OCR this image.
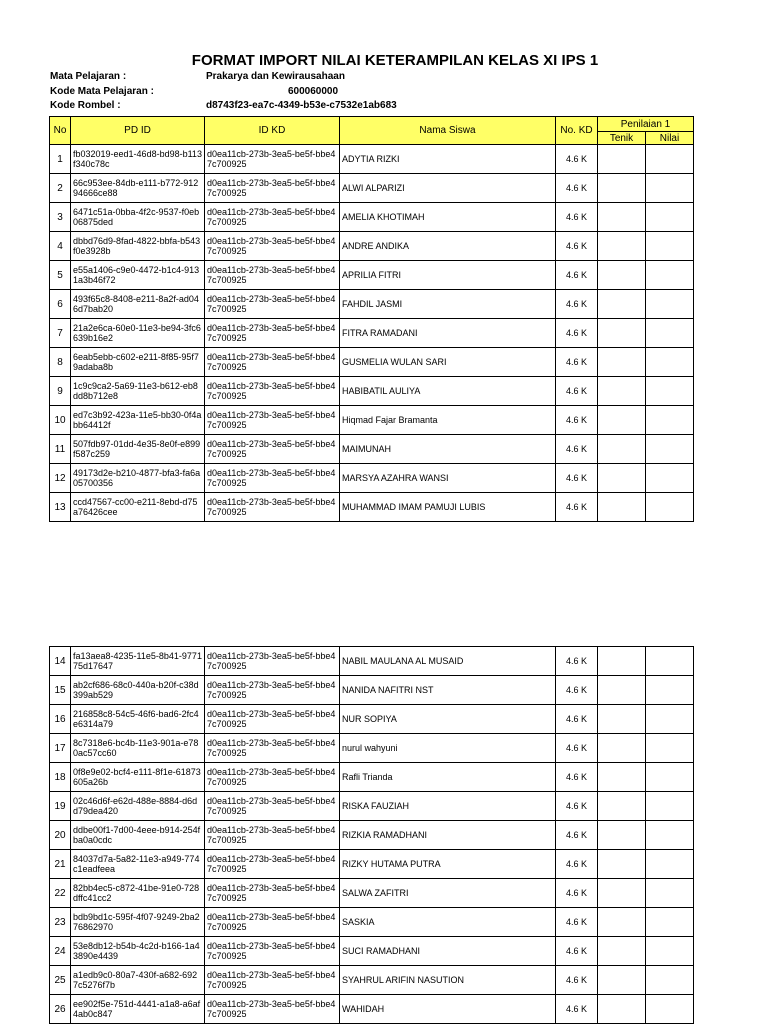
FORMAT IMPORT NILAI KETERAMPILAN KELAS XI IPS 1
Mata Pelajaran :	Prakarya dan Kewirausahaan
Kode Mata Pelajaran :	600060000
Kode Rombel :	d8743f23-ea7c-4349-b53e-c7532e1ab683
No	PD ID	ID KD	Nama Siswa	No. KD	Penilaian 1	
					Tenik	Nilai
1	fb032019-eed1-46d8-bd98-b113f340c78c	d0ea11cb-273b-3ea5-be5f-bbe47c700925	ADYTIA RIZKI	4.6 K		
2	66c953ee-84db-e111-b772-91294666ce88	d0ea11cb-273b-3ea5-be5f-bbe47c700925	ALWI ALPARIZI	4.6 K		
3	6471c51a-0bba-4f2c-9537-f0eb06875ded	d0ea11cb-273b-3ea5-be5f-bbe47c700925	AMELIA KHOTIMAH	4.6 K		
4	dbbd76d9-8fad-4822-bbfa-b543f0e3928b	d0ea11cb-273b-3ea5-be5f-bbe47c700925	ANDRE ANDIKA	4.6 K		
5	e55a1406-c9e0-4472-b1c4-9131a3b46f72	d0ea11cb-273b-3ea5-be5f-bbe47c700925	APRILIA FITRI	4.6 K		
6	493f65c8-8408-e211-8a2f-ad046d7bab20	d0ea11cb-273b-3ea5-be5f-bbe47c700925	FAHDIL JASMI	4.6 K		
7	21a2e6ca-60e0-11e3-be94-3fc6639b16e2	d0ea11cb-273b-3ea5-be5f-bbe47c700925	FITRA RAMADANI	4.6 K		
8	6eab5ebb-c602-e211-8f85-95f79adaba8b	d0ea11cb-273b-3ea5-be5f-bbe47c700925	GUSMELIA WULAN SARI	4.6 K		
9	1c9c9ca2-5a69-11e3-b612-eb8dd8b712e8	d0ea11cb-273b-3ea5-be5f-bbe47c700925	HABIBATIL AULIYA	4.6 K		
10	ed7c3b92-423a-11e5-bb30-0f4abb64412f	d0ea11cb-273b-3ea5-be5f-bbe47c700925	Hiqmad Fajar Bramanta	4.6 K		
11	507fdb97-01dd-4e35-8e0f-e899f587c259	d0ea11cb-273b-3ea5-be5f-bbe47c700925	MAIMUNAH	4.6 K		
12	49173d2e-b210-4877-bfa3-fa6a05700356	d0ea11cb-273b-3ea5-be5f-bbe47c700925	MARSYA AZAHRA WANSI	4.6 K		
13	ccd47567-cc00-e211-8ebd-d75a76426cee	d0ea11cb-273b-3ea5-be5f-bbe47c700925	MUHAMMAD IMAM PAMUJI LUBIS	4.6 K		
14	fa13aea8-4235-11e5-8b41-977175d17647	d0ea11cb-273b-3ea5-be5f-bbe47c700925	NABIL MAULANA AL MUSAID	4.6 K		
15	ab2cf686-68c0-440a-b20f-c38d399ab529	d0ea11cb-273b-3ea5-be5f-bbe47c700925	NANIDA NAFITRI NST	4.6 K		
16	216858c8-54c5-46f6-bad6-2fc4e6314a79	d0ea11cb-273b-3ea5-be5f-bbe47c700925	NUR SOPIYA	4.6 K		
17	8c7318e6-bc4b-11e3-901a-e780ac57cc60	d0ea11cb-273b-3ea5-be5f-bbe47c700925	nurul wahyuni	4.6 K		
18	0f8e9e02-bcf4-e111-8f1e-61873605a26b	d0ea11cb-273b-3ea5-be5f-bbe47c700925	Rafli Trianda	4.6 K		
19	02c46d6f-e62d-488e-8884-d6dd79dea420	d0ea11cb-273b-3ea5-be5f-bbe47c700925	RISKA FAUZIAH	4.6 K		
20	ddbe00f1-7d00-4eee-b914-254fba0a0cdc	d0ea11cb-273b-3ea5-be5f-bbe47c700925	RIZKIA RAMADHANI	4.6 K		
21	84037d7a-5a82-11e3-a949-774c1eadfeea	d0ea11cb-273b-3ea5-be5f-bbe47c700925	RIZKY HUTAMA PUTRA	4.6 K		
22	82bb4ec5-c872-41be-91e0-728dffc41cc2	d0ea11cb-273b-3ea5-be5f-bbe47c700925	SALWA ZAFITRI	4.6 K		
23	bdb9bd1c-595f-4f07-9249-2ba276862970	d0ea11cb-273b-3ea5-be5f-bbe47c700925	SASKIA	4.6 K		
24	53e8db12-b54b-4c2d-b166-1a43890e4439	d0ea11cb-273b-3ea5-be5f-bbe47c700925	SUCI RAMADHANI	4.6 K		
25	a1edb9c0-80a7-430f-a682-6927c5276f7b	d0ea11cb-273b-3ea5-be5f-bbe47c700925	SYAHRUL ARIFIN NASUTION	4.6 K		
26	ee902f5e-751d-4441-a1a8-a6af4ab0c847	d0ea11cb-273b-3ea5-be5f-bbe47c700925	WAHIDAH	4.6 K		
